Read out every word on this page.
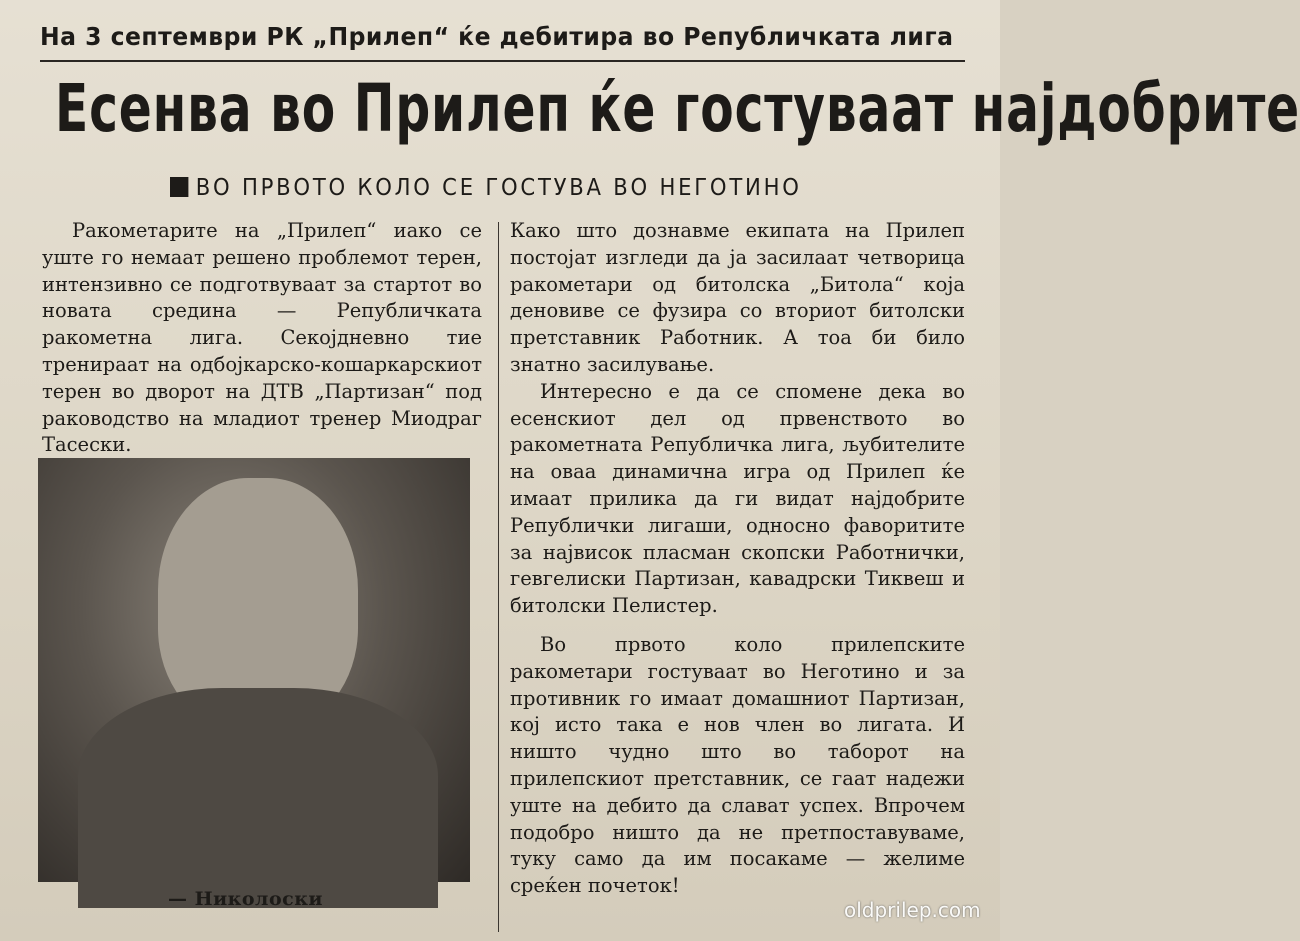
На 3 септември РК „Прилеп“ ќе дебитира во Републичката лига
Есенва во Прилеп ќе гостуваат најдобрите
ВО ПРВОТО КОЛО СЕ ГОСТУВА ВО НЕГОТИНО

Ракометарите на „Прилеп“ иако се уште го немаат решено проблемот терен, интензивно се подготвуваат за стартот во новата средина — Републичката ракометна лига. Секојдневно тие тренираат на одбојкарско-кошаркарскиот терен во дворот на ДТВ „Партизан“ под раководство на младиот тренер Миодраг Тасески.

— Николоски

Како што дознавме екипата на Прилеп постојат изгледи да ја засилаат четворица ракометари од битолска „Битола“ која деновиве се фузира со вториот битолски претставник Работник. А тоа би било знатно засилување.

Интересно е да се спомене дека во есенскиот дел од првенството во ракометната Републичка лига, љубителите на оваа динамична игра од Прилеп ќе имаат прилика да ги видат најдобрите Републички лигаши, односно фаворитите за највисок пласман скопски Работнички, гевгелиски Партизан, кавадрски Тиквеш и битолски Пелистер.

Во првото коло прилепските ракометари гостуваат во Неготино и за противник го имаат домашниот Партизан, кој исто така е нов член во лигата. И ништо чудно што во таборот на прилепскиот претставник, се гаат надежи уште на дебито да слават успех. Впрочем подобро ништо да не претпоставуваме, туку само да им посакаме — желиме среќен почеток!

oldprilep.com
